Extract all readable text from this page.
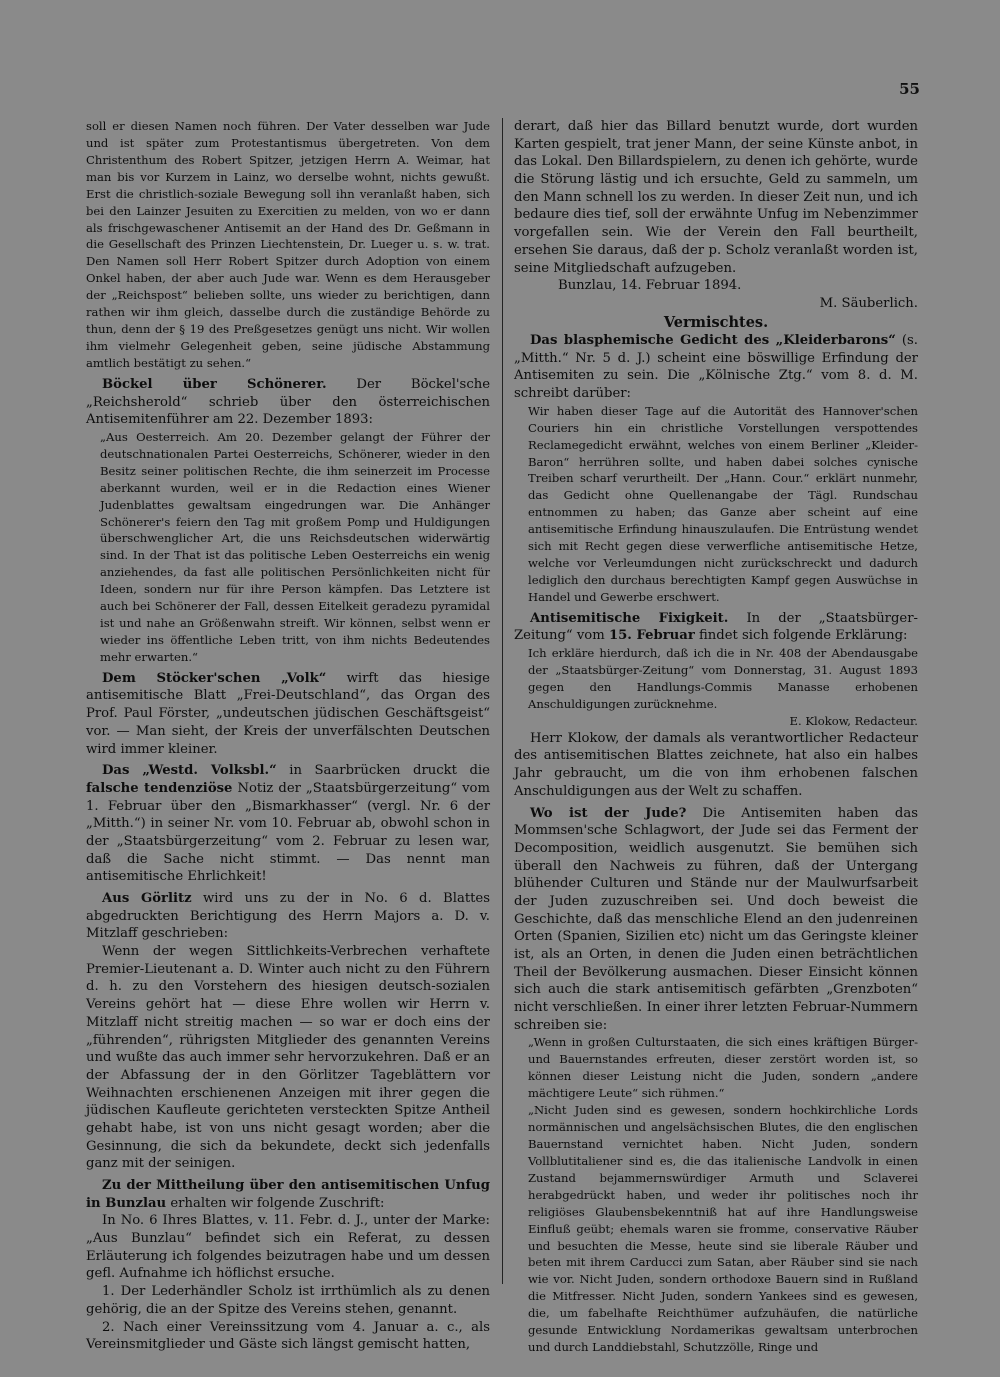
55

soll er diesen Namen noch führen. Der Vater desselben war Jude und ist später zum Protestantismus übergetreten. Von dem Christenthum des Robert Spitzer, jetzigen Herrn A. Weimar, hat man bis vor Kurzem in Lainz, wo derselbe wohnt, nichts gewußt. Erst die christlich-soziale Bewegung soll ihn veranlaßt haben, sich bei den Lainzer Jesuiten zu Exercitien zu melden, von wo er dann als frischgewaschener Antisemit an der Hand des Dr. Geßmann in die Gesellschaft des Prinzen Liechtenstein, Dr. Lueger u. s. w. trat. Den Namen soll Herr Robert Spitzer durch Adoption von einem Onkel haben, der aber auch Jude war. Wenn es dem Herausgeber der „Reichspost“ belieben sollte, uns wieder zu berichtigen, dann rathen wir ihm gleich, dasselbe durch die zuständige Behörde zu thun, denn der § 19 des Preßgesetzes genügt uns nicht. Wir wollen ihm vielmehr Gelegenheit geben, seine jüdische Abstammung amtlich bestätigt zu sehen.“

Böckel über Schönerer. Der Böckel'sche „Reichsherold“ schrieb über den österreichischen Antisemitenführer am 22. Dezember 1893:

„Aus Oesterreich. Am 20. Dezember gelangt der Führer der deutschnationalen Partei Oesterreichs, Schönerer, wieder in den Besitz seiner politischen Rechte, die ihm seinerzeit im Processe aberkannt wurden, weil er in die Redaction eines Wiener Judenblattes gewaltsam eingedrungen war. Die Anhänger Schönerer's feiern den Tag mit großem Pomp und Huldigungen überschwenglicher Art, die uns Reichsdeutschen widerwärtig sind. In der That ist das politische Leben Oesterreichs ein wenig anziehendes, da fast alle politischen Persönlichkeiten nicht für Ideen, sondern nur für ihre Person kämpfen. Das Letztere ist auch bei Schönerer der Fall, dessen Eitelkeit geradezu pyramidal ist und nahe an Größenwahn streift. Wir können, selbst wenn er wieder ins öffentliche Leben tritt, von ihm nichts Bedeutendes mehr erwarten.“

Dem Stöcker'schen „Volk“ wirft das hiesige antisemitische Blatt „Frei-Deutschland“, das Organ des Prof. Paul Förster, „undeutschen jüdischen Geschäftsgeist“ vor. — Man sieht, der Kreis der unverfälschten Deutschen wird immer kleiner.

Das „Westd. Volksbl.“ in Saarbrücken druckt die falsche tendenziöse Notiz der „Staatsbürgerzeitung“ vom 1. Februar über den „Bismarkhasser“ (vergl. Nr. 6 der „Mitth.“) in seiner Nr. vom 10. Februar ab, obwohl schon in der „Staatsbürgerzeitung“ vom 2. Februar zu lesen war, daß die Sache nicht stimmt. — Das nennt man antisemitische Ehrlichkeit!

Aus Görlitz wird uns zu der in No. 6 d. Blattes abgedruckten Berichtigung des Herrn Majors a. D. v. Mitzlaff geschrieben:

Wenn der wegen Sittlichkeits-Verbrechen verhaftete Premier-Lieutenant a. D. Winter auch nicht zu den Führern d. h. zu den Vorstehern des hiesigen deutsch-sozialen Vereins gehört hat — diese Ehre wollen wir Herrn v. Mitzlaff nicht streitig machen — so war er doch eins der „führenden“, rührigsten Mitglieder des genannten Vereins und wußte das auch immer sehr hervorzukehren. Daß er an der Abfassung der in den Görlitzer Tageblättern vor Weihnachten erschienenen Anzeigen mit ihrer gegen die jüdischen Kaufleute gerichteten versteckten Spitze Antheil gehabt habe, ist von uns nicht gesagt worden; aber die Gesinnung, die sich da bekundete, deckt sich jedenfalls ganz mit der seinigen.

Zu der Mittheilung über den antisemitischen Unfug in Bunzlau erhalten wir folgende Zuschrift:

In No. 6 Ihres Blattes, v. 11. Febr. d. J., unter der Marke: „Aus Bunzlau“ befindet sich ein Referat, zu dessen Erläuterung ich folgendes beizutragen habe und um dessen gefl. Aufnahme ich höflichst ersuche.

1. Der Lederhändler Scholz ist irrthümlich als zu denen gehörig, die an der Spitze des Vereins stehen, genannt.

2. Nach einer Vereinssitzung vom 4. Januar a. c., als Vereinsmitglieder und Gäste sich längst gemischt hatten,

derart, daß hier das Billard benutzt wurde, dort wurden Karten gespielt, trat jener Mann, der seine Künste anbot, in das Lokal. Den Billardspielern, zu denen ich gehörte, wurde die Störung lästig und ich ersuchte, Geld zu sammeln, um den Mann schnell los zu werden. In dieser Zeit nun, und ich bedaure dies tief, soll der erwähnte Unfug im Nebenzimmer vorgefallen sein. Wie der Verein den Fall beurtheilt, ersehen Sie daraus, daß der p. Scholz veranlaßt worden ist, seine Mitgliedschaft aufzugeben.

Bunzlau, 14. Februar 1894.

M. Säuberlich.

Vermischtes.

Das blasphemische Gedicht des „Kleiderbarons“ (s. „Mitth.“ Nr. 5 d. J.) scheint eine böswillige Erfindung der Antisemiten zu sein. Die „Kölnische Ztg.“ vom 8. d. M. schreibt darüber:

Wir haben dieser Tage auf die Autorität des Hannover'schen Couriers hin ein christliche Vorstellungen verspottendes Reclamegedicht erwähnt, welches von einem Berliner „Kleider-Baron“ herrühren sollte, und haben dabei solches cynische Treiben scharf verurtheilt. Der „Hann. Cour.“ erklärt nunmehr, das Gedicht ohne Quellenangabe der Tägl. Rundschau entnommen zu haben; das Ganze aber scheint auf eine antisemitische Erfindung hinauszulaufen. Die Entrüstung wendet sich mit Recht gegen diese verwerfliche antisemitische Hetze, welche vor Verleumdungen nicht zurückschreckt und dadurch lediglich den durchaus berechtigten Kampf gegen Auswüchse in Handel und Gewerbe erschwert.

Antisemitische Fixigkeit. In der „Staatsbürger-Zeitung“ vom 15. Februar findet sich folgende Erklärung:

Ich erkläre hierdurch, daß ich die in Nr. 408 der Abendausgabe der „Staatsbürger-Zeitung“ vom Donnerstag, 31. August 1893 gegen den Handlungs-Commis Manasse erhobenen Anschuldigungen zurücknehme.

E. Klokow, Redacteur.

Herr Klokow, der damals als verantwortlicher Redacteur des antisemitischen Blattes zeichnete, hat also ein halbes Jahr gebraucht, um die von ihm erhobenen falschen Anschuldigungen aus der Welt zu schaffen.

Wo ist der Jude? Die Antisemiten haben das Mommsen'sche Schlagwort, der Jude sei das Ferment der Decomposition, weidlich ausgenutzt. Sie bemühen sich überall den Nachweis zu führen, daß der Untergang blühender Culturen und Stände nur der Maulwurfsarbeit der Juden zuzuschreiben sei. Und doch beweist die Geschichte, daß das menschliche Elend an den judenreinen Orten (Spanien, Sizilien etc) nicht um das Geringste kleiner ist, als an Orten, in denen die Juden einen beträchtlichen Theil der Bevölkerung ausmachen. Dieser Einsicht können sich auch die stark antisemitisch gefärbten „Grenzboten“ nicht verschließen. In einer ihrer letzten Februar-Nummern schreiben sie:

„Wenn in großen Culturstaaten, die sich eines kräftigen Bürger- und Bauernstandes erfreuten, dieser zerstört worden ist, so können dieser Leistung nicht die Juden, sondern „andere mächtigere Leute“ sich rühmen.“

„Nicht Juden sind es gewesen, sondern hochkirchliche Lords normännischen und angelsächsischen Blutes, die den englischen Bauernstand vernichtet haben. Nicht Juden, sondern Vollblutitaliener sind es, die das italienische Landvolk in einen Zustand bejammernswürdiger Armuth und Sclaverei herabgedrückt haben, und weder ihr politisches noch ihr religiöses Glaubensbekenntniß hat auf ihre Handlungsweise Einfluß geübt; ehemals waren sie fromme, conservative Räuber und besuchten die Messe, heute sind sie liberale Räuber und beten mit ihrem Carducci zum Satan, aber Räuber sind sie nach wie vor. Nicht Juden, sondern orthodoxe Bauern sind in Rußland die Mitfresser. Nicht Juden, sondern Yankees sind es gewesen, die, um fabelhafte Reichthümer aufzuhäufen, die natürliche gesunde Entwicklung Nordamerikas gewaltsam unterbrochen und durch Landdiebstahl, Schutzzölle, Ringe und
